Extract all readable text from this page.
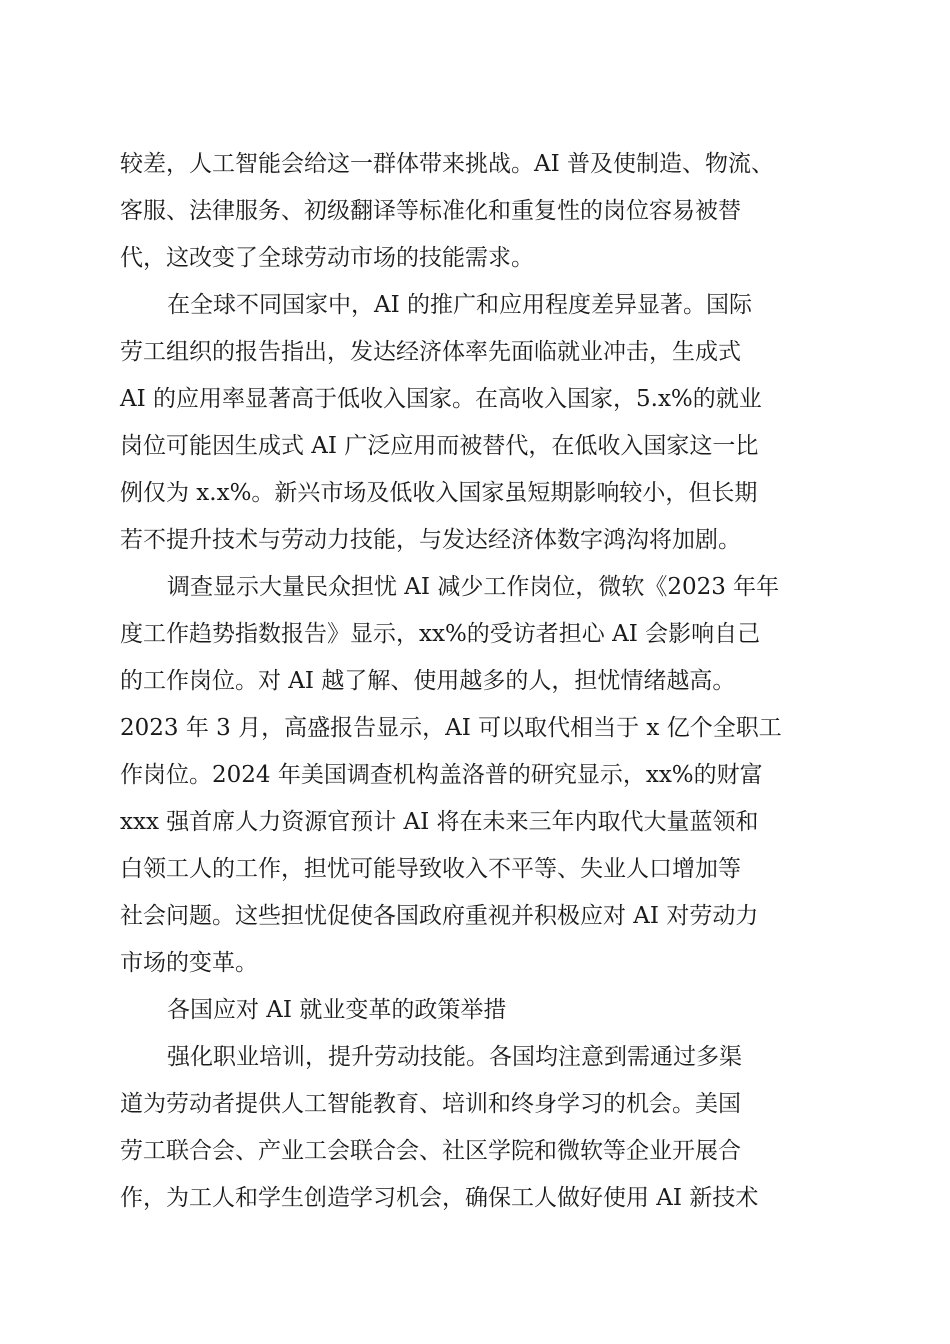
较差，人工智能会给这一群体带来挑战。AI 普及使制造、物流、
客服、法律服务、初级翻译等标准化和重复性的岗位容易被替
代，这改变了全球劳动市场的技能需求。
在全球不同国家中，AI 的推广和应用程度差异显著。国际
劳工组织的报告指出，发达经济体率先面临就业冲击，生成式
AI 的应用率显著高于低收入国家。在高收入国家，5.x%的就业
岗位可能因生成式 AI 广泛应用而被替代，在低收入国家这一比
例仅为 x.x%。新兴市场及低收入国家虽短期影响较小，但长期
若不提升技术与劳动力技能，与发达经济体数字鸿沟将加剧。
调查显示大量民众担忧 AI 减少工作岗位，微软《2023 年年
度工作趋势指数报告》显示，xx%的受访者担心 AI 会影响自己
的工作岗位。对 AI 越了解、使用越多的人，担忧情绪越高。
2023 年 3 月，高盛报告显示，AI 可以取代相当于 x 亿个全职工
作岗位。2024 年美国调查机构盖洛普的研究显示，xx%的财富
xxx 强首席人力资源官预计 AI 将在未来三年内取代大量蓝领和
白领工人的工作，担忧可能导致收入不平等、失业人口增加等
社会问题。这些担忧促使各国政府重视并积极应对 AI 对劳动力
市场的变革。
各国应对 AI 就业变革的政策举措
强化职业培训，提升劳动技能。各国均注意到需通过多渠
道为劳动者提供人工智能教育、培训和终身学习的机会。美国
劳工联合会、产业工会联合会、社区学院和微软等企业开展合
作，为工人和学生创造学习机会，确保工人做好使用 AI 新技术
